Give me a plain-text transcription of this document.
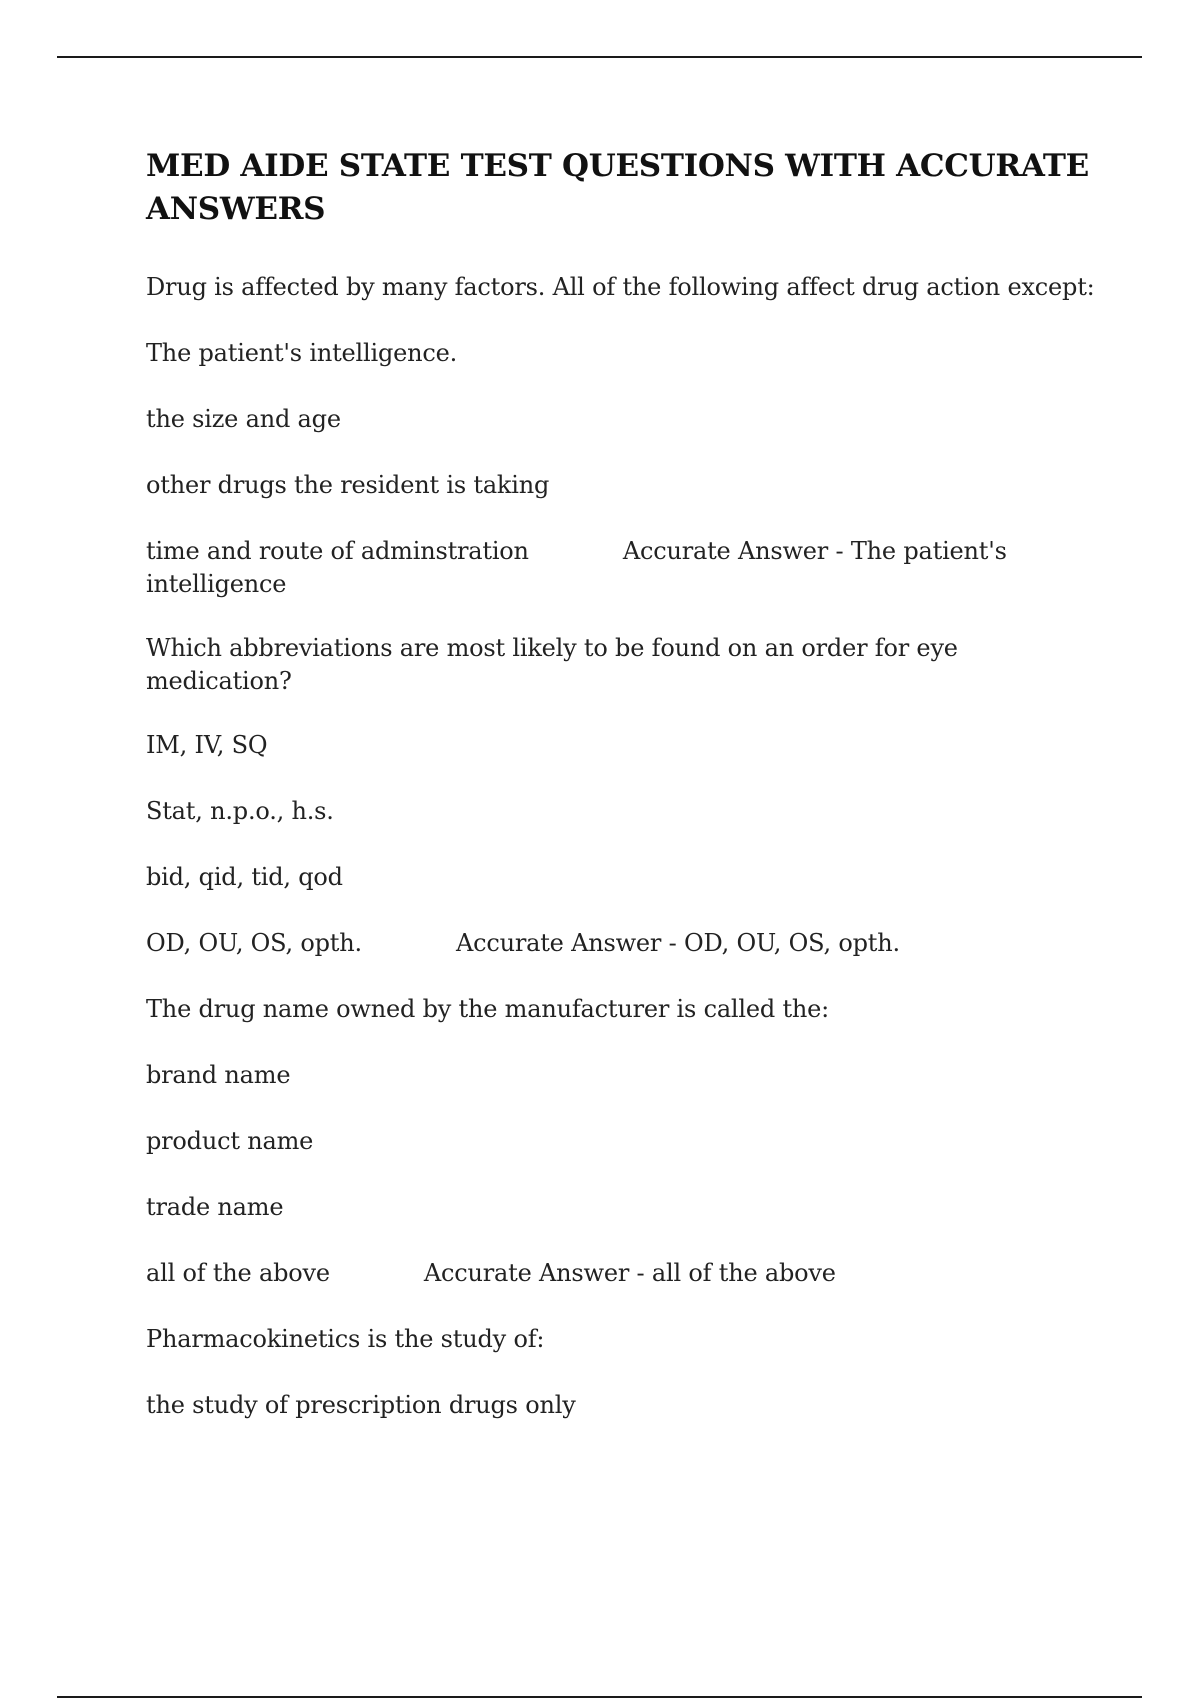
MED AIDE STATE TEST QUESTIONS WITH ACCURATE ANSWERS

Drug is affected by many factors. All of the following affect drug action except:

The patient's intelligence.

the size and age

other drugs the resident is taking

time and route of adminstration	Accurate Answer - The patient's intelligence

Which abbreviations are most likely to be found on an order for eye medication?

IM, IV, SQ

Stat, n.p.o., h.s.

bid, qid, tid, qod

OD, OU, OS, opth.	Accurate Answer - OD, OU, OS, opth.

The drug name owned by the manufacturer is called the:

brand name

product name

trade name

all of the above	Accurate Answer - all of the above

Pharmacokinetics is the study of:

the study of prescription drugs only
